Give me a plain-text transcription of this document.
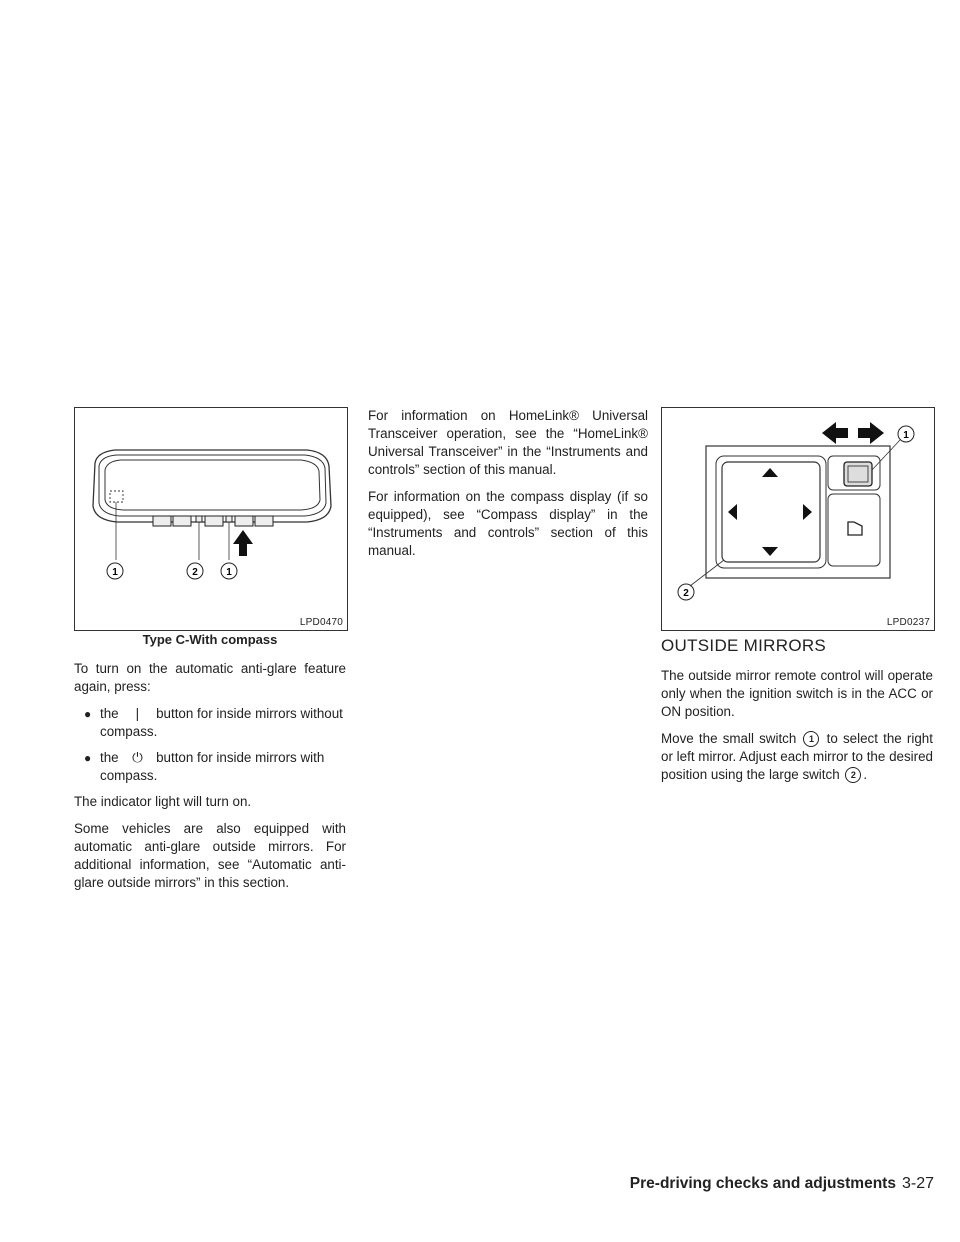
1	2	1
LPD0470
Type C-With compass
1
2
LPD0237

To turn on the automatic anti-glare feature again, press:

● the | button for inside mirrors without compass.
● the ⏻ button for inside mirrors with compass.

The indicator light will turn on.

Some vehicles are also equipped with automatic anti-glare outside mirrors. For additional information, see “Automatic anti-glare outside mirrors” in this section.

For information on HomeLink® Universal Transceiver operation, see the “HomeLink® Universal Transceiver” in the “Instruments and controls” section of this manual.

For information on the compass display (if so equipped), see “Compass display” in the “Instruments and controls” section of this manual.

OUTSIDE MIRRORS

The outside mirror remote control will operate only when the ignition switch is in the ACC or ON position.

Move the small switch 1 to select the right or left mirror. Adjust each mirror to the desired position using the large switch 2 .

Pre-driving checks and adjustments 3-27
